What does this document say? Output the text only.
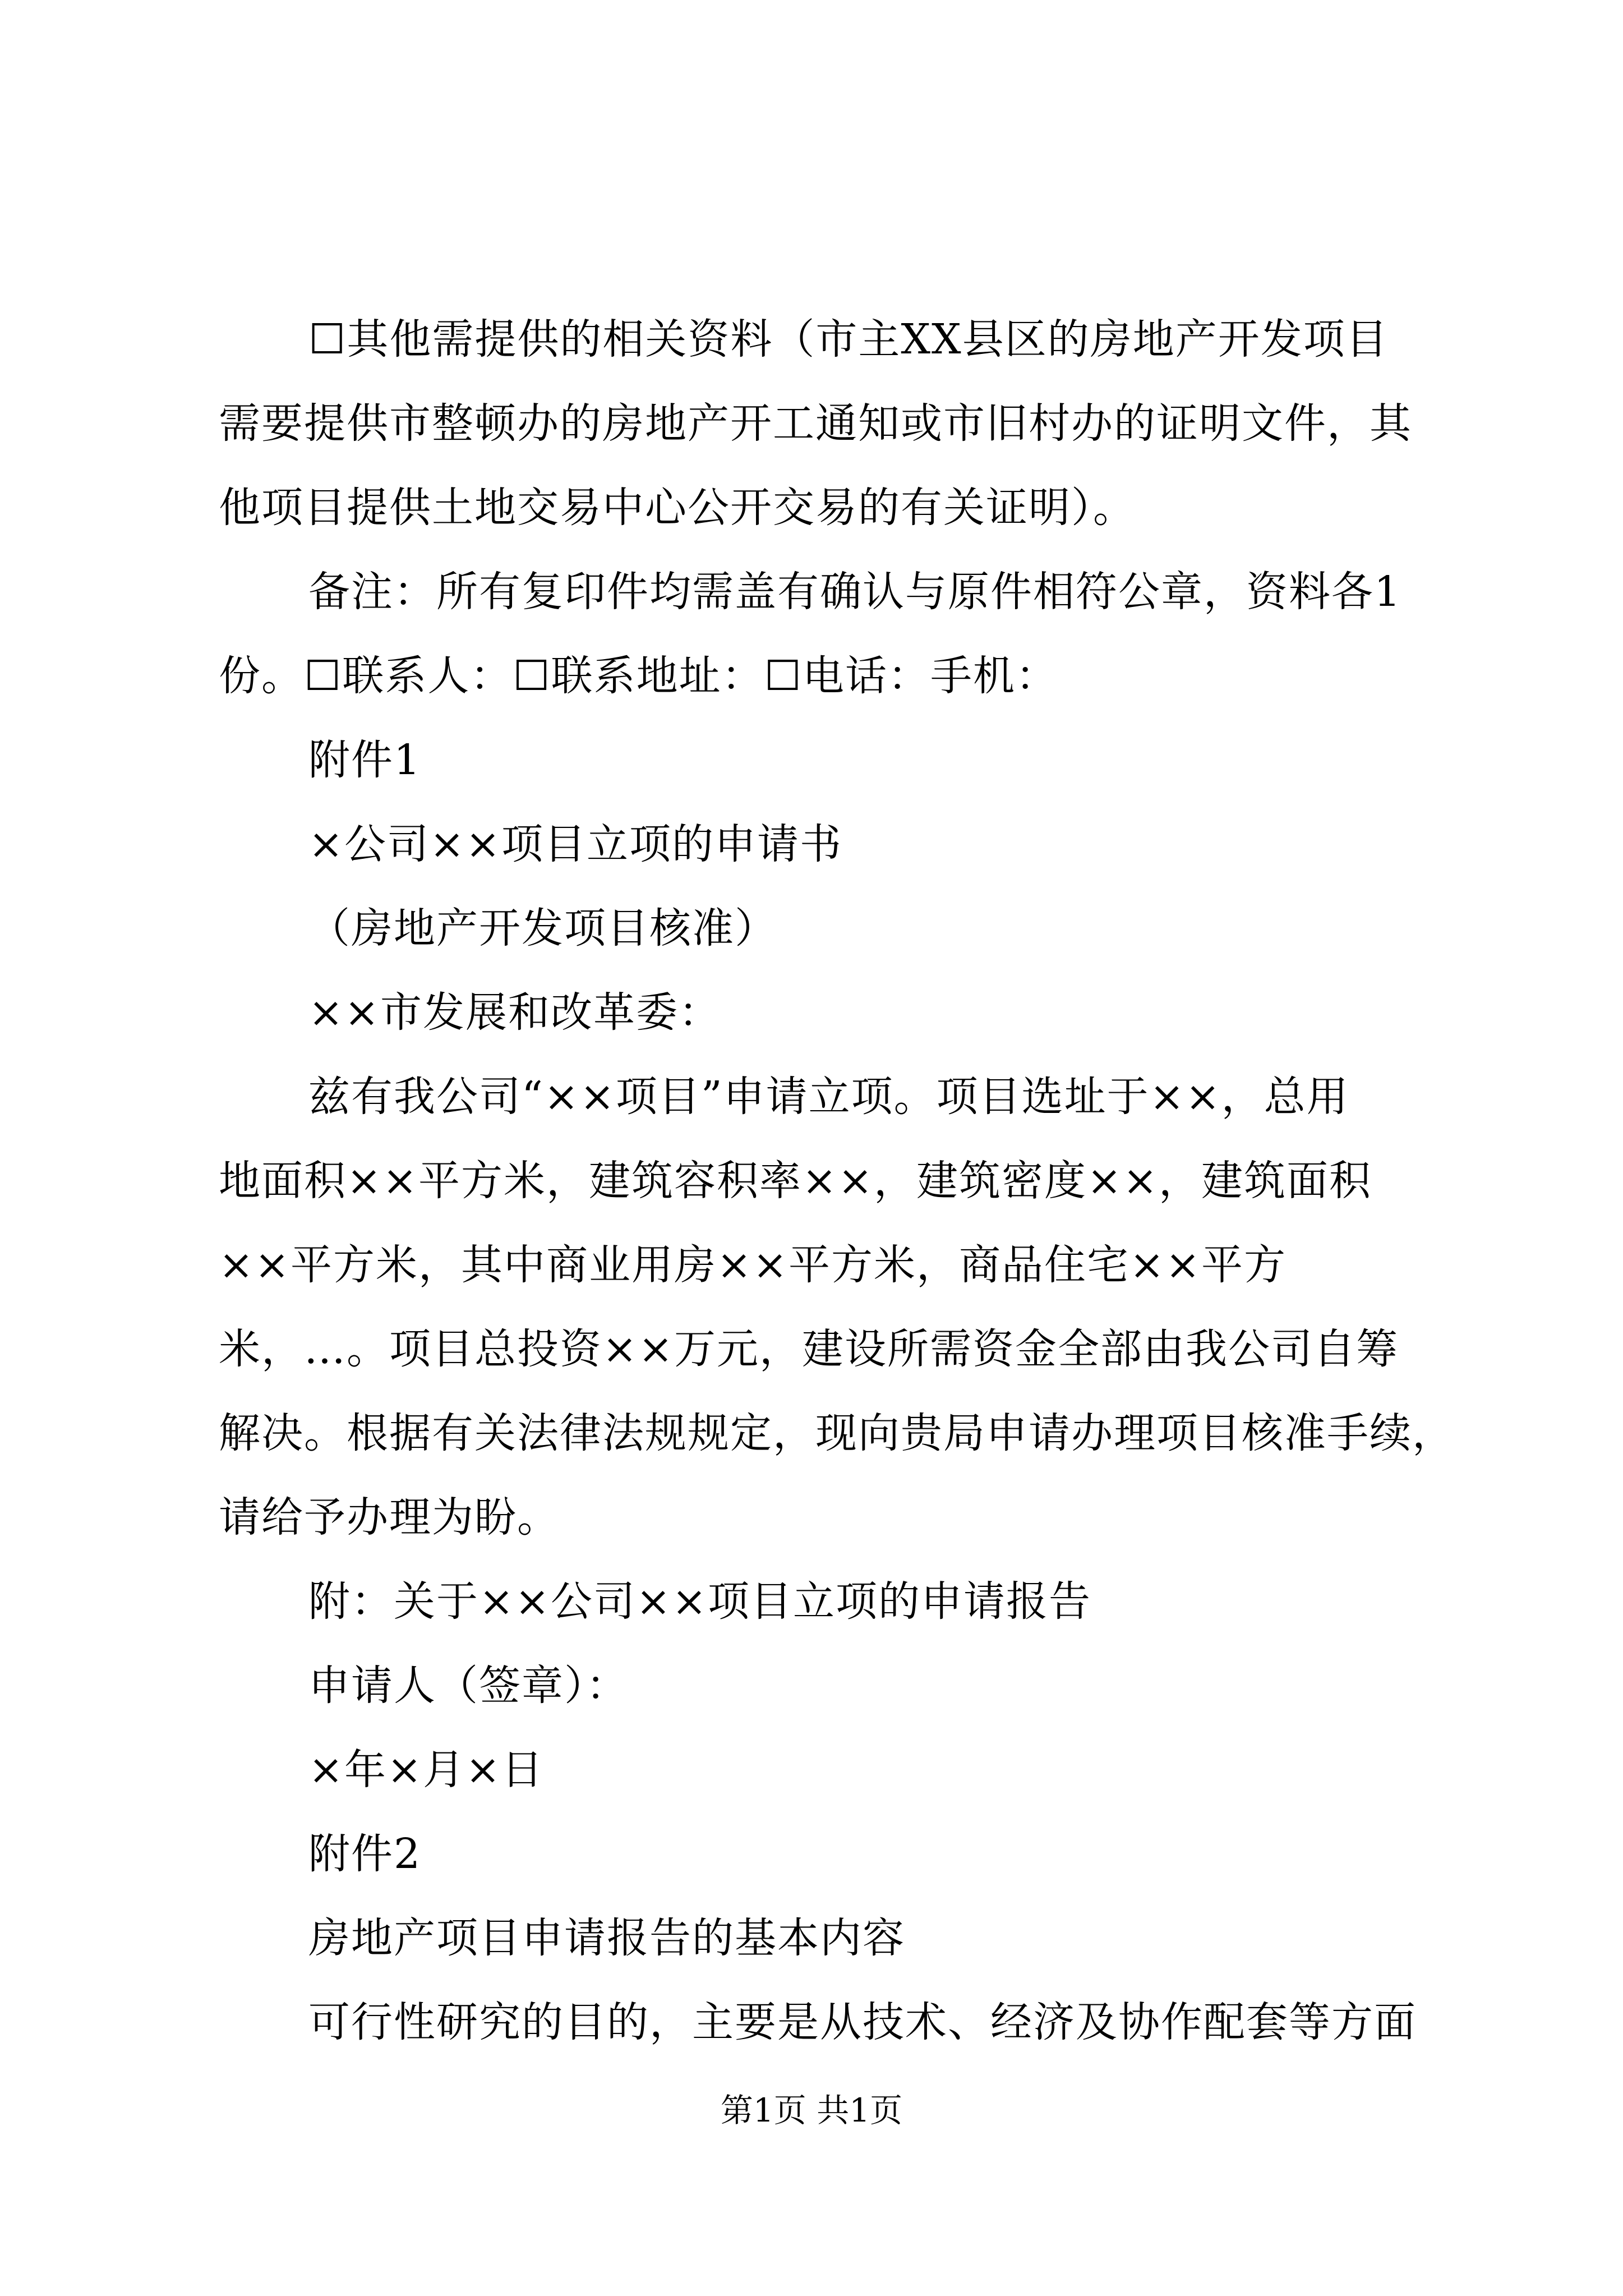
☐其他需提供的相关资料（市主XX县区的房地产开发项目
需要提供市整顿办的房地产开工通知或市旧村办的证明文件，其
他项目提供土地交易中心公开交易的有关证明）。

备注：所有复印件均需盖有确认与原件相符公章，资料各1
份。☐联系人：☐联系地址：☐电话：手机：

附件1

×公司××项目立项的申请书

（房地产开发项目核准）

××市发展和改革委：

兹有我公司“××项目”申请立项。项目选址于××，总用
地面积××平方米，建筑容积率××，建筑密度××，建筑面积
××平方米，其中商业用房××平方米，商品住宅××平方
米，…。项目总投资××万元，建设所需资金全部由我公司自筹
解决。根据有关法律法规规定，现向贵局申请办理项目核准手续，
请给予办理为盼。

附：关于××公司××项目立项的申请报告

申请人（签章）：

×年×月×日

附件2

房地产项目申请报告的基本内容

可行性研究的目的，主要是从技术、经济及协作配套等方面

第1页 共1页
